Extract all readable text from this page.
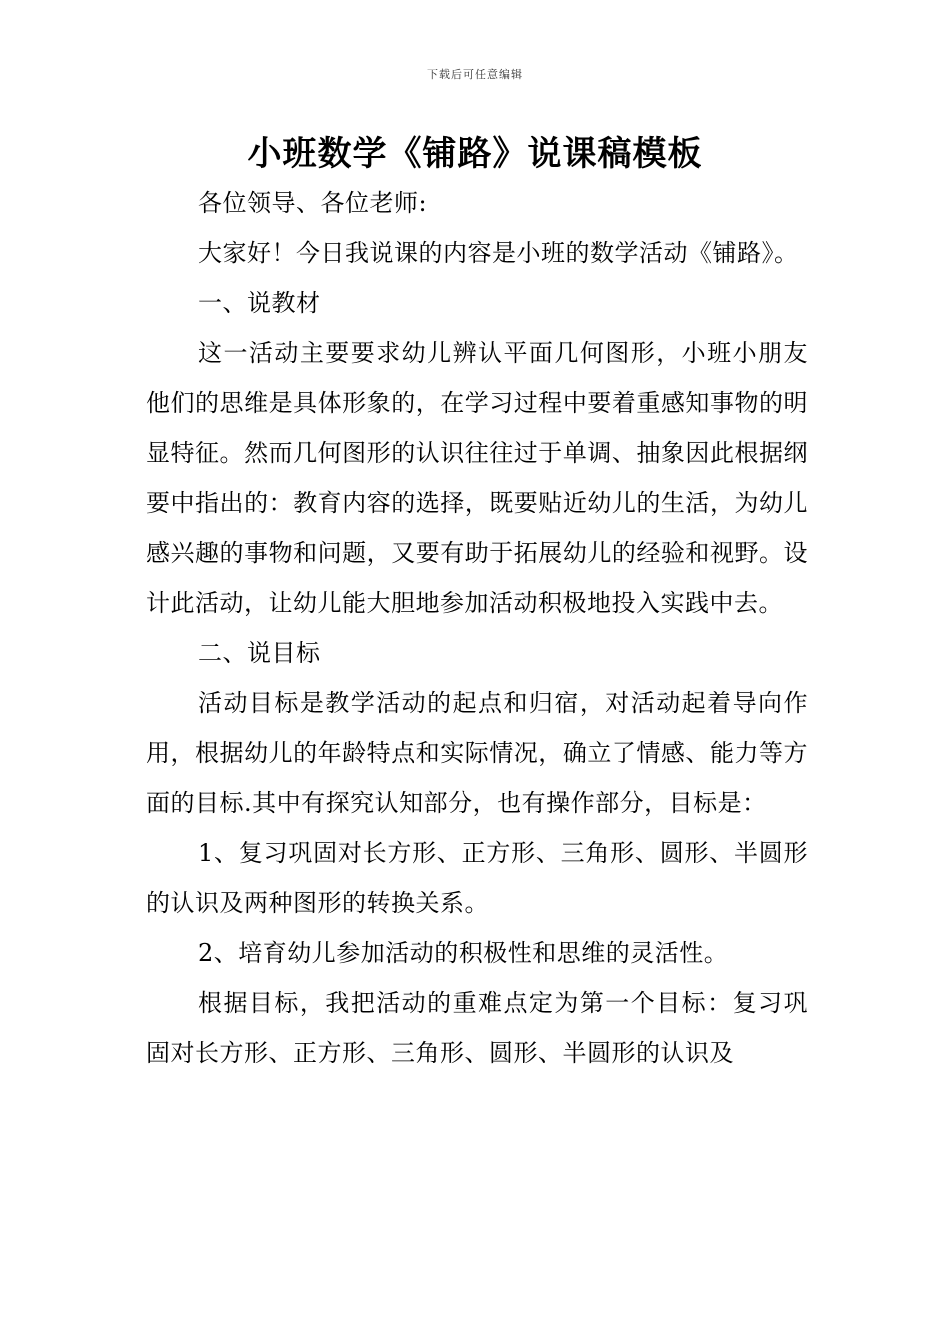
下载后可任意编辑
小班数学《铺路》说课稿模板

各位领导、各位老师:

大家好！今日我说课的内容是小班的数学活动《铺路》。

一、说教材

这一活动主要要求幼儿辨认平面几何图形，小班小朋友他们的思维是具体形象的，在学习过程中要着重感知事物的明显特征。然而几何图形的认识往往过于单调、抽象因此根据纲要中指出的：教育内容的选择，既要贴近幼儿的生活，为幼儿感兴趣的事物和问题，又要有助于拓展幼儿的经验和视野。设计此活动，让幼儿能大胆地参加活动积极地投入实践中去。

二、说目标

活动目标是教学活动的起点和归宿，对活动起着导向作用，根据幼儿的年龄特点和实际情况，确立了情感、能力等方面的目标.其中有探究认知部分，也有操作部分，目标是：

1、复习巩固对长方形、正方形、三角形、圆形、半圆形的认识及两种图形的转换关系。

2、培育幼儿参加活动的积极性和思维的灵活性。

根据目标，我把活动的重难点定为第一个目标：复习巩固对长方形、正方形、三角形、圆形、半圆形的认识及
